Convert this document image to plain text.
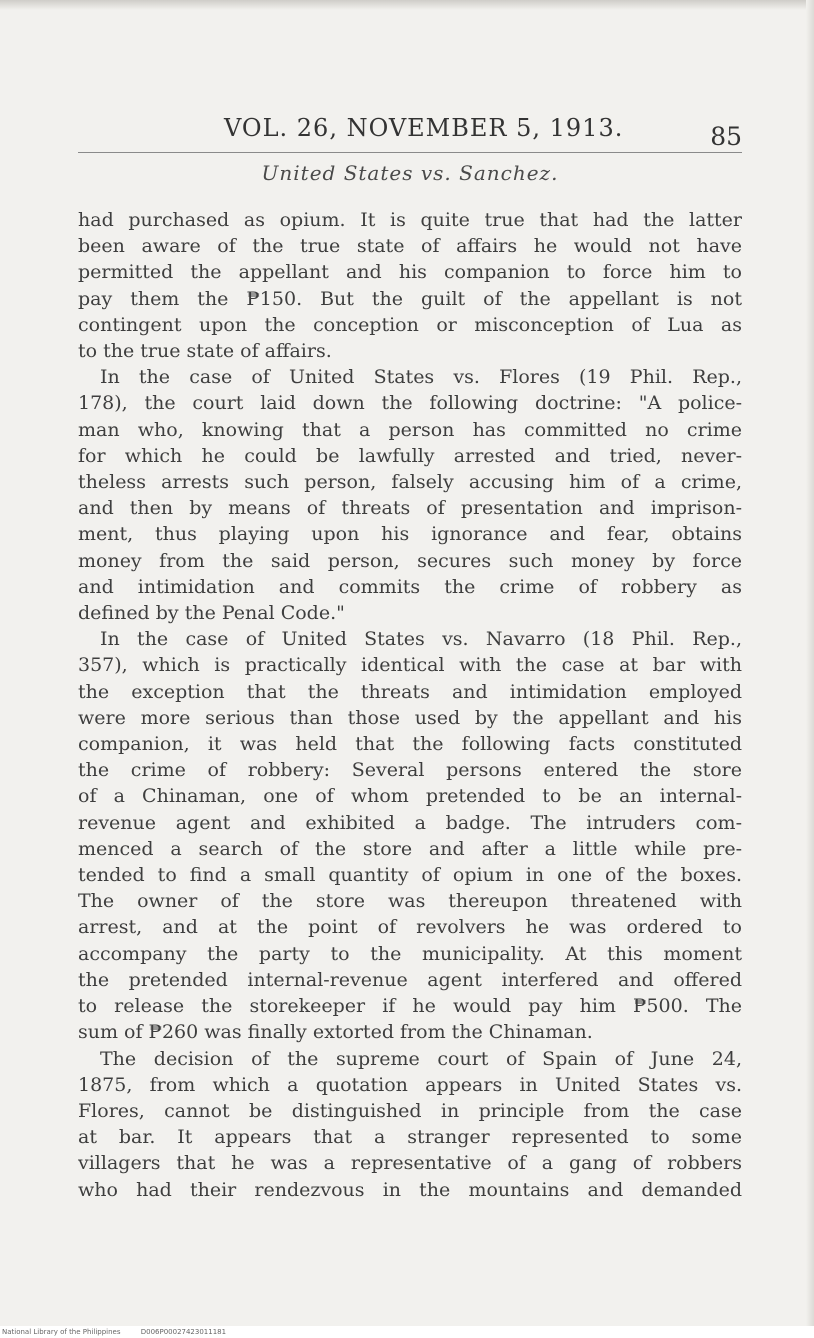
VOL. 26, NOVEMBER 5, 1913.	85
United States vs. Sanchez.

had purchased as opium. It is quite true that had the latter
been aware of the true state of affairs he would not have
permitted the appellant and his companion to force him to
pay them the ₱150. But the guilt of the appellant is not
contingent upon the conception or misconception of Lua as
to the true state of affairs.

In the case of United States vs. Flores (19 Phil. Rep.,
178), the court laid down the following doctrine: "A police-
man who, knowing that a person has committed no crime
for which he could be lawfully arrested and tried, never-
theless arrests such person, falsely accusing him of a crime,
and then by means of threats of presentation and imprison-
ment, thus playing upon his ignorance and fear, obtains
money from the said person, secures such money by force
and intimidation and commits the crime of robbery as
defined by the Penal Code."

In the case of United States vs. Navarro (18 Phil. Rep.,
357), which is practically identical with the case at bar with
the exception that the threats and intimidation employed
were more serious than those used by the appellant and his
companion, it was held that the following facts constituted
the crime of robbery: Several persons entered the store
of a Chinaman, one of whom pretended to be an internal-
revenue agent and exhibited a badge. The intruders com-
menced a search of the store and after a little while pre-
tended to find a small quantity of opium in one of the boxes.
The owner of the store was thereupon threatened with
arrest, and at the point of revolvers he was ordered to
accompany the party to the municipality. At this moment
the pretended internal-revenue agent interfered and offered
to release the storekeeper if he would pay him ₱500. The
sum of ₱260 was finally extorted from the Chinaman.

The decision of the supreme court of Spain of June 24,
1875, from which a quotation appears in United States vs.
Flores, cannot be distinguished in principle from the case
at bar. It appears that a stranger represented to some
villagers that he was a representative of a gang of robbers
who had their rendezvous in the mountains and demanded

National Library of the Philippines	D006P00027423011181
